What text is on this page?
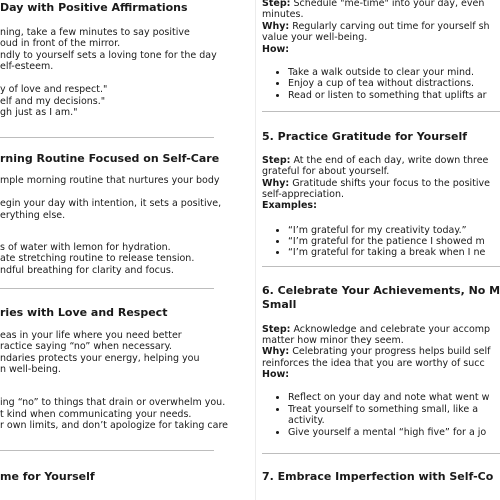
Day with Positive Affirmations

ning, take a few minutes to say positive

oud in front of the mirror.

ndly to yourself sets a loving tone for the day

elf-esteem.

y of love and respect."

elf and my decisions."

gh just as I am."

rning Routine Focused on Self-Care

mple morning routine that nurtures your body

egin your day with intention, it sets a positive,

erything else.

s of water with lemon for hydration.

ate stretching routine to release tension.

ndful breathing for clarity and focus.

ries with Love and Respect

eas in your life where you need better

ractice saying “no” when necessary.

ndaries protects your energy, helping you

n well-being.

ing “no” to things that drain or overwhelm you.

t kind when communicating your needs.

r own limits, and don’t apologize for taking care

me for Yourself

Step: Schedule "me-time" into your day, even

minutes.

Why: Regularly carving out time for yourself sh

value your well-being.

How:

• Take a walk outside to clear your mind.
• Enjoy a cup of tea without distractions.
• Read or listen to something that uplifts ar
5. Practice Gratitude for Yourself

Step: At the end of each day, write down three

grateful for about yourself.

Why: Gratitude shifts your focus to the positive

self-appreciation.

Examples:

• “I’m grateful for my creativity today.”
• “I’m grateful for the patience I showed m
• “I’m grateful for taking a break when I ne
6. Celebrate Your Achievements, No M
Small

Step: Acknowledge and celebrate your accomp

matter how minor they seem.

Why: Celebrating your progress helps build self

reinforces the idea that you are worthy of succ

How:

• Reflect on your day and note what went w
• Treat yourself to something small, like a
activity.
• Give yourself a mental “high five” for a jo
7. Embrace Imperfection with Self-Co
